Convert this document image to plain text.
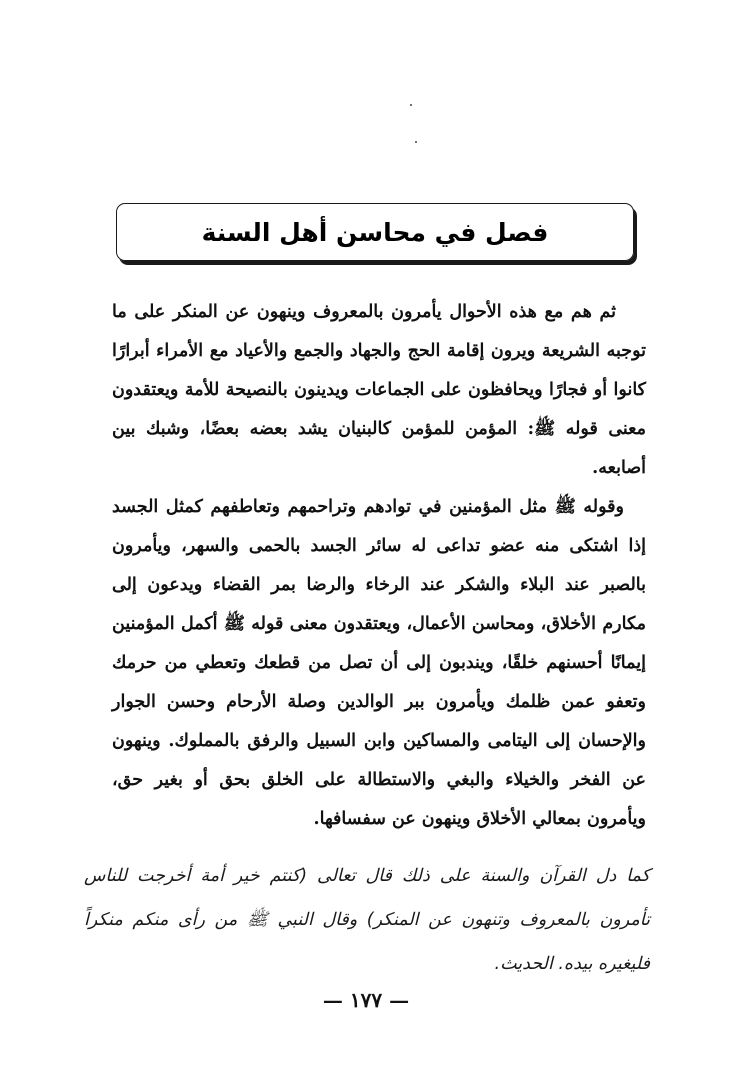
فصل في محاسن أهل السنة

ثم هم مع هذه الأحوال يأمرون بالمعروف وينهون عن المنكر على ما توجبه الشريعة ويرون إقامة الحج والجهاد والجمع والأعياد مع الأمراء أبرارًا كانوا أو فجارًا ويحافظون على الجماعات ويدينون بالنصيحة للأمة ويعتقدون معنى قوله ﷺ: المؤمن للمؤمن كالبنيان يشد بعضه بعضًا، وشبك بين أصابعه.

وقوله ﷺ مثل المؤمنين في توادهم وتراحمهم وتعاطفهم كمثل الجسد إذا اشتكى منه عضو تداعى له سائر الجسد بالحمى والسهر، ويأمرون بالصبر عند البلاء والشكر عند الرخاء والرضا بمر القضاء ويدعون إلى مكارم الأخلاق، ومحاسن الأعمال، ويعتقدون معنى قوله ﷺ أكمل المؤمنين إيمانًا أحسنهم خلقًا، ويندبون إلى أن تصل من قطعك وتعطي من حرمك وتعفو عمن ظلمك ويأمرون ببر الوالدين وصلة الأرحام وحسن الجوار والإحسان إلى اليتامى والمساكين وابن السبيل والرفق بالمملوك. وينهون عن الفخر والخيلاء والبغي والاستطالة على الخلق بحق أو بغير حق، ويأمرون بمعالي الأخلاق وينهون عن سفسافها.

كما دل القرآن والسنة على ذلك قال تعالى (كنتم خير أمة أخرجت للناس تأمرون بالمعروف وتنهون عن المنكر) وقال النبي ﷺ من رأى منكم منكراً فليغيره بيده. الحديث.

— ١٧٧ —
